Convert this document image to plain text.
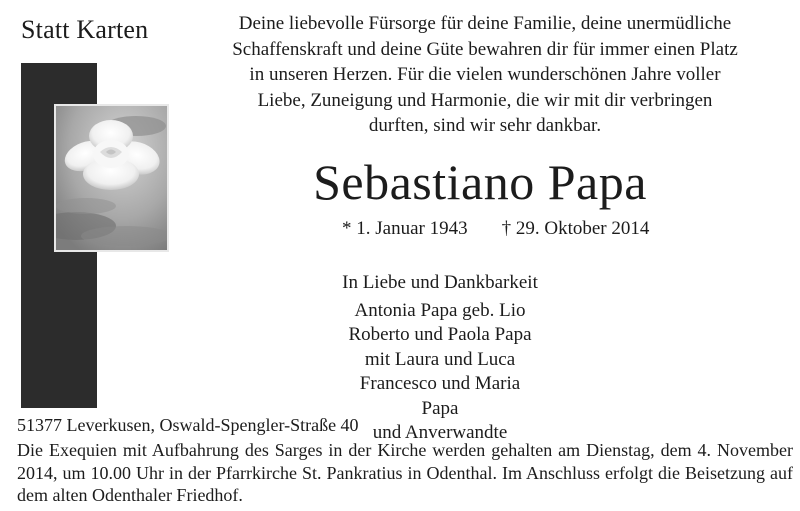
Statt Karten	Deine liebevolle Fürsorge für deine Familie, deine unermüdliche
Schaffenskraft und deine Güte bewahren dir für immer einen Platz
in unseren Herzen. Für die vielen wunderschönen Jahre voller
Liebe, Zuneigung und Harmonie, die wir mit dir verbringen
durften, sind wir sehr dankbar.
Sebastiano Papa
* 1. Januar 1943 † 29. Oktober 2014
In Liebe und Dankbarkeit
Antonia Papa geb. Lio
Roberto und Paola Papa
mit Laura und Luca
Francesco und Maria Papa
und Anverwandte
51377 Leverkusen, Oswald-Spengler-Straße 40
Die Exequien mit Aufbahrung des Sarges in der Kirche werden gehalten am Dienstag, dem 4. November 2014, um 10.00 Uhr in der Pfarrkirche St. Pankratius in Odenthal. Im Anschluss erfolgt die Beisetzung auf dem alten Odenthaler Friedhof.
